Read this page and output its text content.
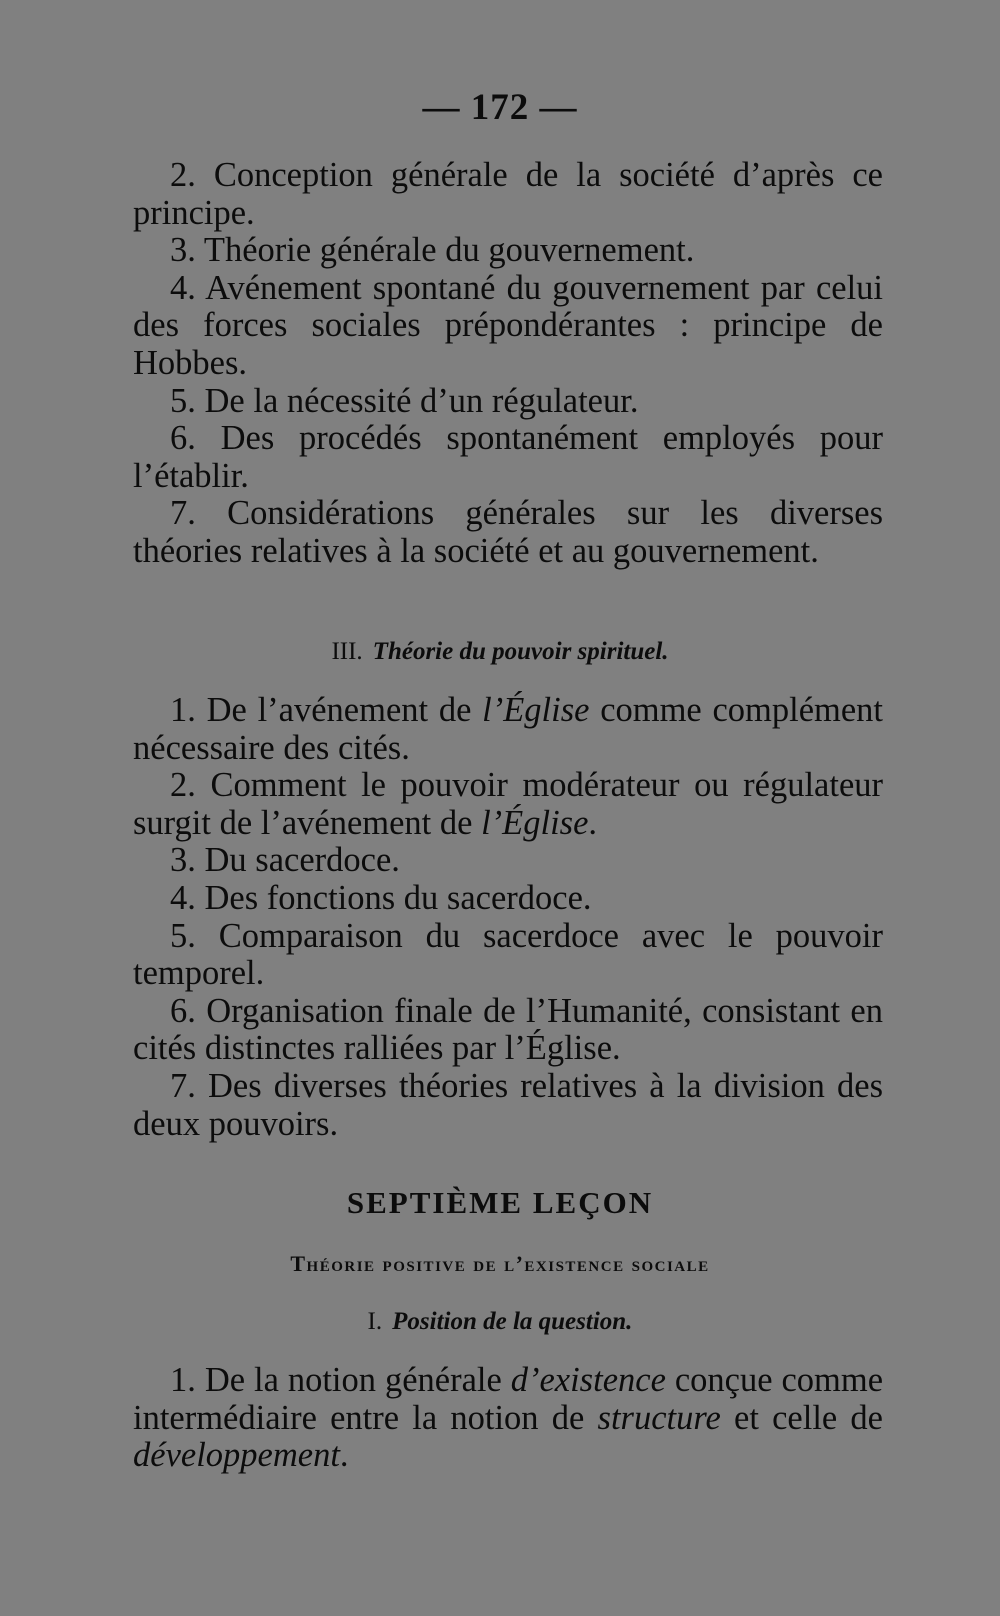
— 172 —

2. Conception générale de la société d’après ce principe.

3. Théorie générale du gouvernement.

4. Avénement spontané du gouvernement par celui des forces sociales prépondérantes : principe de Hobbes.

5. De la nécessité d’un régulateur.

6. Des procédés spontanément employés pour l’établir.

7. Considérations générales sur les diverses théories relatives à la société et au gouvernement.

III. Théorie du pouvoir spirituel.

1. De l’avénement de l’Église comme complément nécessaire des cités.

2. Comment le pouvoir modérateur ou régulateur surgit de l’avénement de l’Église.

3. Du sacerdoce.

4. Des fonctions du sacerdoce.

5. Comparaison du sacerdoce avec le pouvoir temporel.

6. Organisation finale de l’Humanité, consistant en cités distinctes ralliées par l’Église.

7. Des diverses théories relatives à la division des deux pouvoirs.

SEPTIÈME LEÇON
Théorie positive de l’existence sociale
I. Position de la question.

1. De la notion générale d’existence conçue comme intermédiaire entre la notion de structure et celle de développement.
